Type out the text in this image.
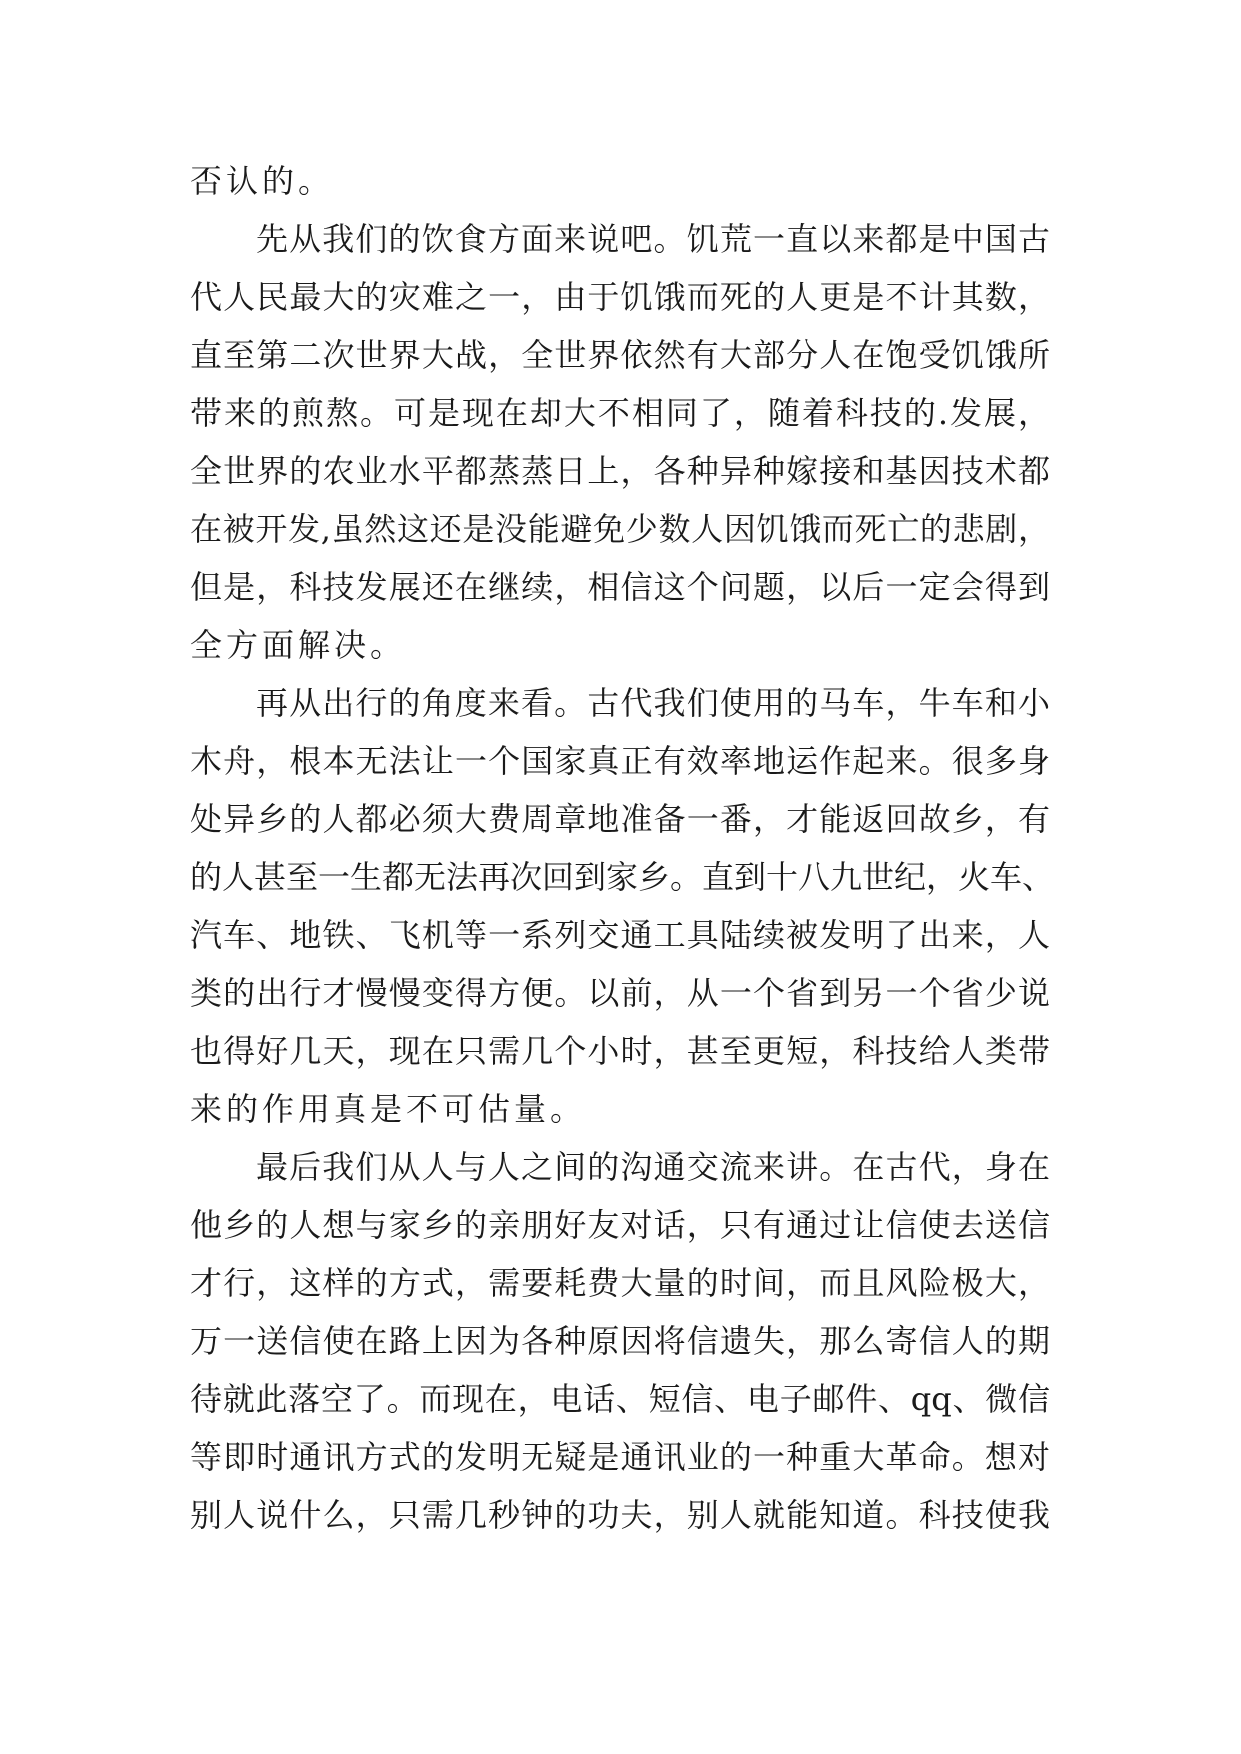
否认的。
先从我们的饮食方面来说吧。饥荒一直以来都是中国古
代人民最大的灾难之一，由于饥饿而死的人更是不计其数，
直至第二次世界大战，全世界依然有大部分人在饱受饥饿所
带来的煎熬。可是现在却大不相同了，随着科技的.发展，
全世界的农业水平都蒸蒸日上，各种异种嫁接和基因技术都
在被开发,虽然这还是没能避免少数人因饥饿而死亡的悲剧，
但是，科技发展还在继续，相信这个问题，以后一定会得到
全方面解决。
再从出行的角度来看。古代我们使用的马车，牛车和小
木舟，根本无法让一个国家真正有效率地运作起来。很多身
处异乡的人都必须大费周章地准备一番，才能返回故乡，有
的人甚至一生都无法再次回到家乡。直到十八九世纪，火车、
汽车、地铁、飞机等一系列交通工具陆续被发明了出来，人
类的出行才慢慢变得方便。以前，从一个省到另一个省少说
也得好几天，现在只需几个小时，甚至更短，科技给人类带
来的作用真是不可估量。
最后我们从人与人之间的沟通交流来讲。在古代，身在
他乡的人想与家乡的亲朋好友对话，只有通过让信使去送信
才行，这样的方式，需要耗费大量的时间，而且风险极大，
万一送信使在路上因为各种原因将信遗失，那么寄信人的期
待就此落空了。而现在，电话、短信、电子邮件、qq、微信
等即时通讯方式的发明无疑是通讯业的一种重大革命。想对
别人说什么，只需几秒钟的功夫，别人就能知道。科技使我
